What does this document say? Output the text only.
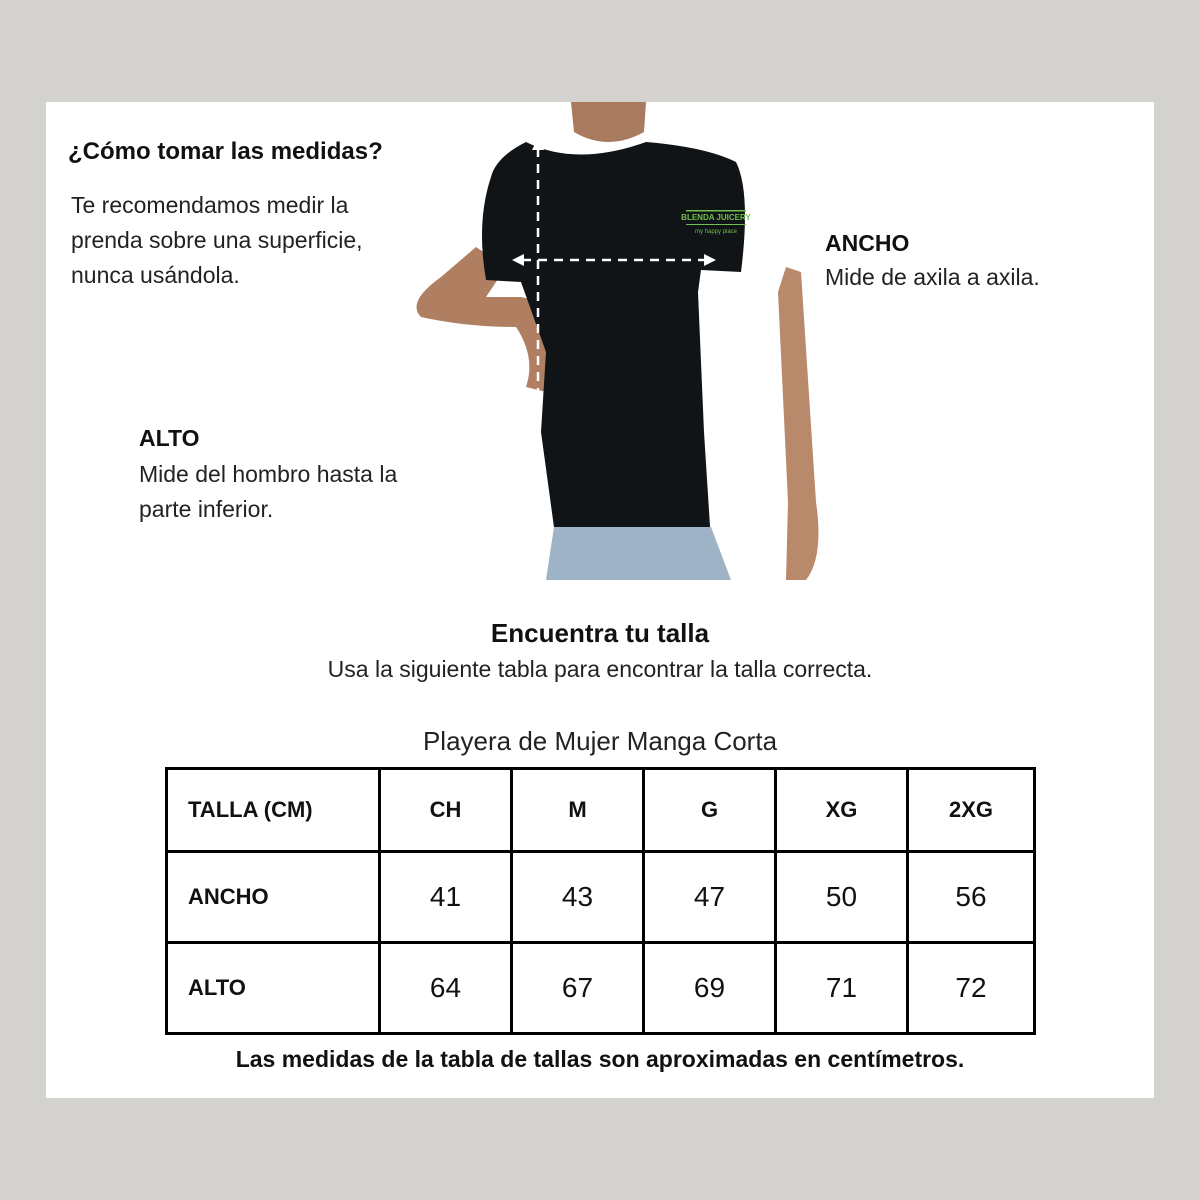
¿Cómo tomar las medidas?
Te recomendamos medir la prenda sobre una superficie, nunca usándola.
BLENDA JUICERY
my happy place	ANCHO
Mide de axila a axila.
ALTO
Mide del hombro hasta la parte inferior.
Encuentra tu talla
Usa la siguiente tabla para encontrar la talla correcta.
Playera de Mujer Manga Corta
TALLA (CM)	CH	M	G	XG	2XG
ANCHO	41	43	47	50	56
ALTO	64	67	69	71	72
Las medidas de la tabla de tallas son aproximadas en centímetros.
